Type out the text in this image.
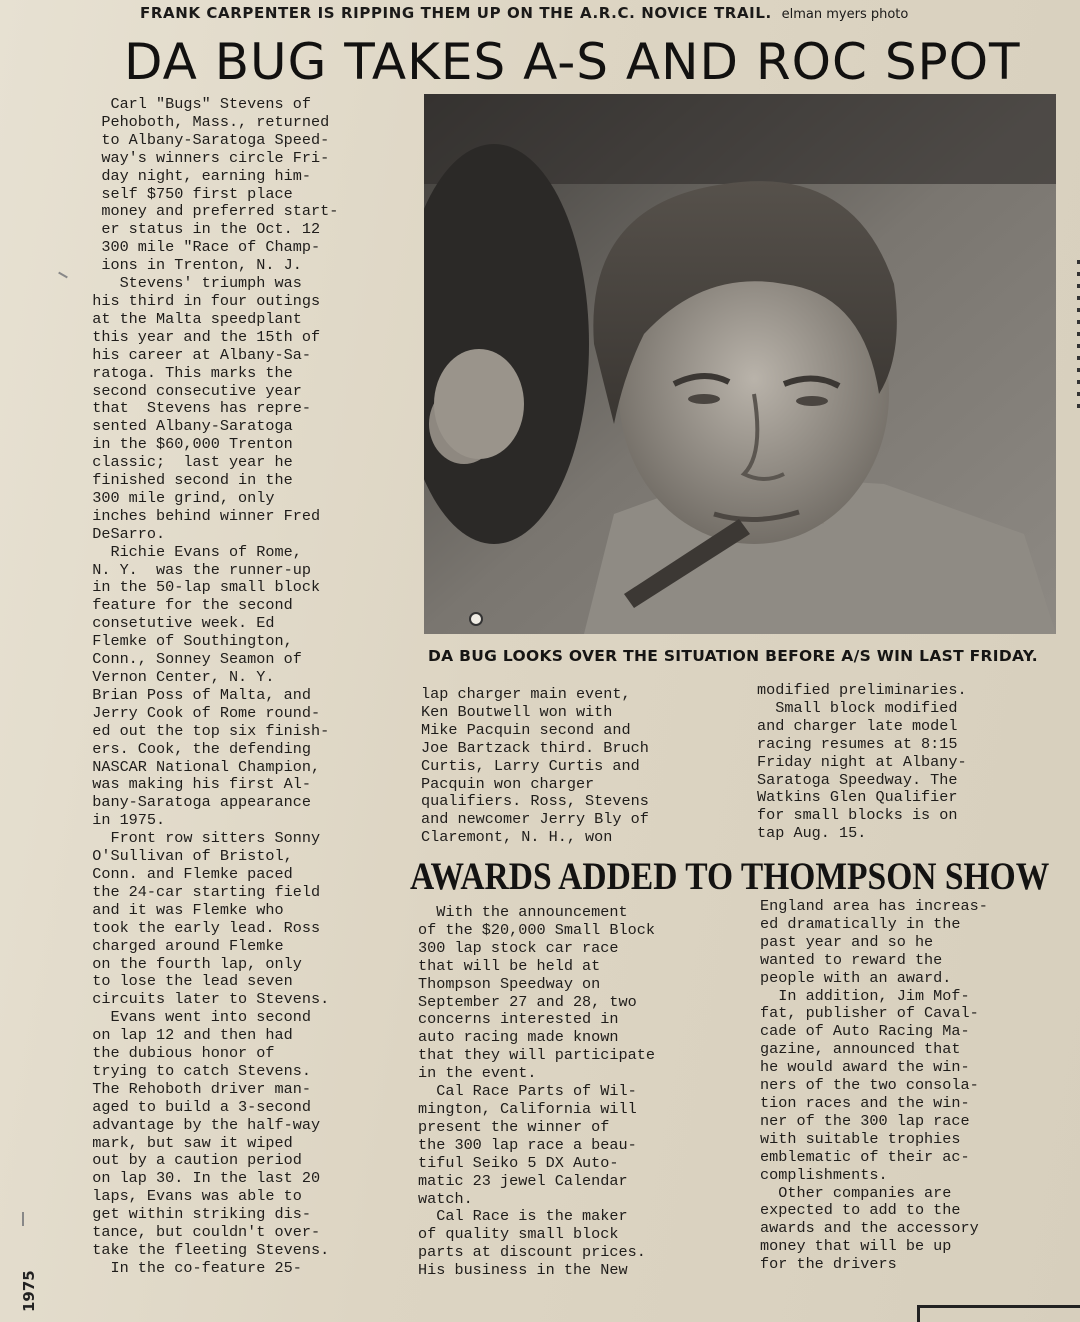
FRANK CARPENTER IS RIPPING THEM UP ON THE A.R.C. NOVICE TRAIL. elman myers photo
DA BUG TAKES A-S AND ROC SPOT
Carl "Bugs" Stevens of
Pehoboth, Mass., returned
to Albany-Saratoga Speed-
way's winners circle Fri-
day night, earning him-
self $750 first place
money and preferred start-
er status in the Oct. 12
300 mile "Race of Champ-
ions in Trenton, N. J.
Stevens' triumph was
his third in four outings
at the Malta speedplant
this year and the 15th of
his career at Albany-Sa-
ratoga. This marks the
second consecutive year
that  Stevens has repre-
sented Albany-Saratoga
in the $60,000 Trenton
classic;  last year he
finished second in the
300 mile grind, only
inches behind winner Fred
DeSarro.
Richie Evans of Rome,
N. Y.  was the runner-up
in the 50-lap small block
feature for the second
consetutive week. Ed
Flemke of Southington,
Conn., Sonney Seamon of
Vernon Center, N. Y.
Brian Poss of Malta, and
Jerry Cook of Rome round-
ed out the top six finish-
ers. Cook, the defending
NASCAR National Champion,
was making his first Al-
bany-Saratoga appearance
in 1975.
Front row sitters Sonny
O'Sullivan of Bristol,
Conn. and Flemke paced
the 24-car starting field
and it was Flemke who
took the early lead. Ross
charged around Flemke
on the fourth lap, only
to lose the lead seven
circuits later to Stevens.
Evans went into second
on lap 12 and then had
the dubious honor of
trying to catch Stevens.
The Rehoboth driver man-
aged to build a 3-second
advantage by the half-way
mark, but saw it wiped
out by a caution period
on lap 30. In the last 20
laps, Evans was able to
get within striking dis-
tance, but couldn't over-
take the fleeting Stevens.
In the co-feature 25-
DA BUG LOOKS OVER THE SITUATION BEFORE A/S WIN LAST FRIDAY.
lap charger main event,
Ken Boutwell won with
Mike Pacquin second and
Joe Bartzack third. Bruch
Curtis, Larry Curtis and
Pacquin won charger
qualifiers. Ross, Stevens
and newcomer Jerry Bly of
Claremont, N. H., won
modified preliminaries.
Small block modified
and charger late model
racing resumes at 8:15
Friday night at Albany-
Saratoga Speedway. The
Watkins Glen Qualifier
for small blocks is on
tap Aug. 15.
AWARDS ADDED TO THOMPSON SHOW
With the announcement
of the $20,000 Small Block
300 lap stock car race
that will be held at
Thompson Speedway on
September 27 and 28, two
concerns interested in
auto racing made known
that they will participate
in the event.
Cal Race Parts of Wil-
mington, California will
present the winner of
the 300 lap race a beau-
tiful Seiko 5 DX Auto-
matic 23 jewel Calendar
watch.
Cal Race is the maker
of quality small block
parts at discount prices.
His business in the New
England area has increas-
ed dramatically in the
past year and so he
wanted to reward the
people with an award.
In addition, Jim Mof-
fat, publisher of Caval-
cade of Auto Racing Ma-
gazine, announced that
he would award the win-
ners of the two consola-
tion races and the win-
ner of the 300 lap race
with suitable trophies
emblematic of their ac-
complishments.
Other companies are
expected to add to the
awards and the accessory
money that will be up
for the drivers
1975
